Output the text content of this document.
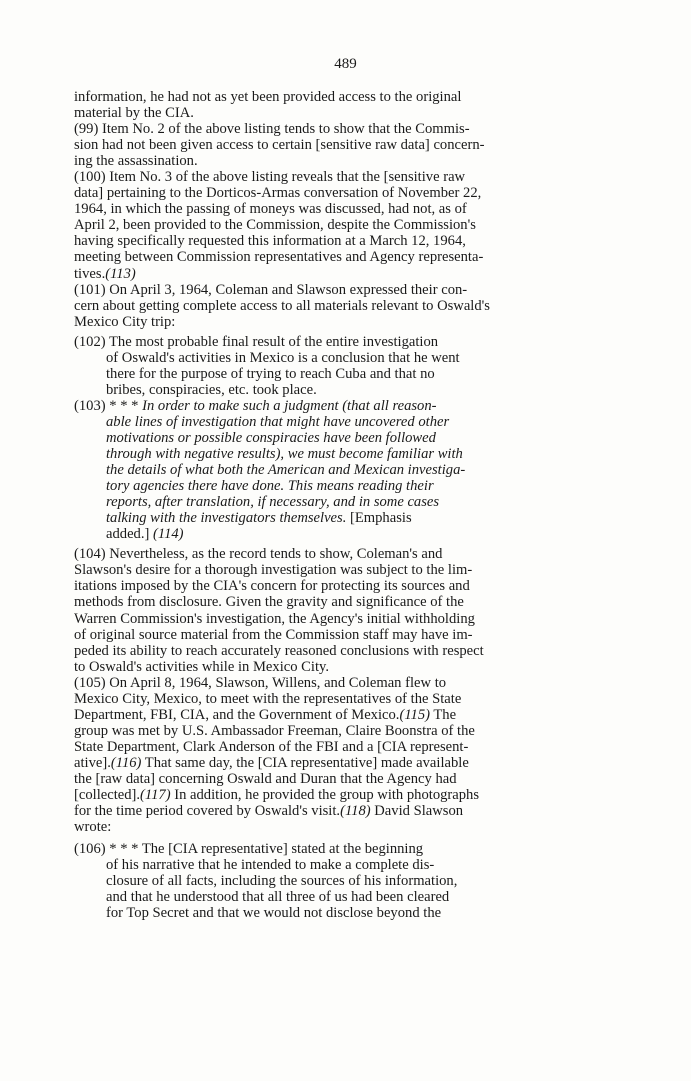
489
information, he had not as yet been provided access to the original
material by the CIA.
(99) Item No. 2 of the above listing tends to show that the Commis-
sion had not been given access to certain [sensitive raw data] concern-
ing the assassination.
(100) Item No. 3 of the above listing reveals that the [sensitive raw
data] pertaining to the Dorticos-Armas conversation of November 22,
1964, in which the passing of moneys was discussed, had not, as of
April 2, been provided to the Commission, despite the Commission's
having specifically requested this information at a March 12, 1964,
meeting between Commission representatives and Agency representa-
tives.(113)
(101) On April 3, 1964, Coleman and Slawson expressed their con-
cern about getting complete access to all materials relevant to Oswald's
Mexico City trip:
(102) The most probable final result of the entire investigation
of Oswald's activities in Mexico is a conclusion that he went
there for the purpose of trying to reach Cuba and that no
bribes, conspiracies, etc. took place.
(103) * * * In order to make such a judgment (that all reason-
able lines of investigation that might have uncovered other
motivations or possible conspiracies have been followed
through with negative results), we must become familiar with
the details of what both the American and Mexican investiga-
tory agencies there have done. This means reading their
reports, after translation, if necessary, and in some cases
talking with the investigators themselves. [Emphasis
added.] (114)
(104) Nevertheless, as the record tends to show, Coleman's and
Slawson's desire for a thorough investigation was subject to the lim-
itations imposed by the CIA's concern for protecting its sources and
methods from disclosure. Given the gravity and significance of the
Warren Commission's investigation, the Agency's initial withholding
of original source material from the Commission staff may have im-
peded its ability to reach accurately reasoned conclusions with respect
to Oswald's activities while in Mexico City.
(105) On April 8, 1964, Slawson, Willens, and Coleman flew to
Mexico City, Mexico, to meet with the representatives of the State
Department, FBI, CIA, and the Government of Mexico.(115) The
group was met by U.S. Ambassador Freeman, Claire Boonstra of the
State Department, Clark Anderson of the FBI and a [CIA represent-
ative].(116) That same day, the [CIA representative] made available
the [raw data] concerning Oswald and Duran that the Agency had
[collected].(117) In addition, he provided the group with photographs
for the time period covered by Oswald's visit.(118) David Slawson
wrote:
(106) * * * The [CIA representative] stated at the beginning
of his narrative that he intended to make a complete dis-
closure of all facts, including the sources of his information,
and that he understood that all three of us had been cleared
for Top Secret and that we would not disclose beyond the
